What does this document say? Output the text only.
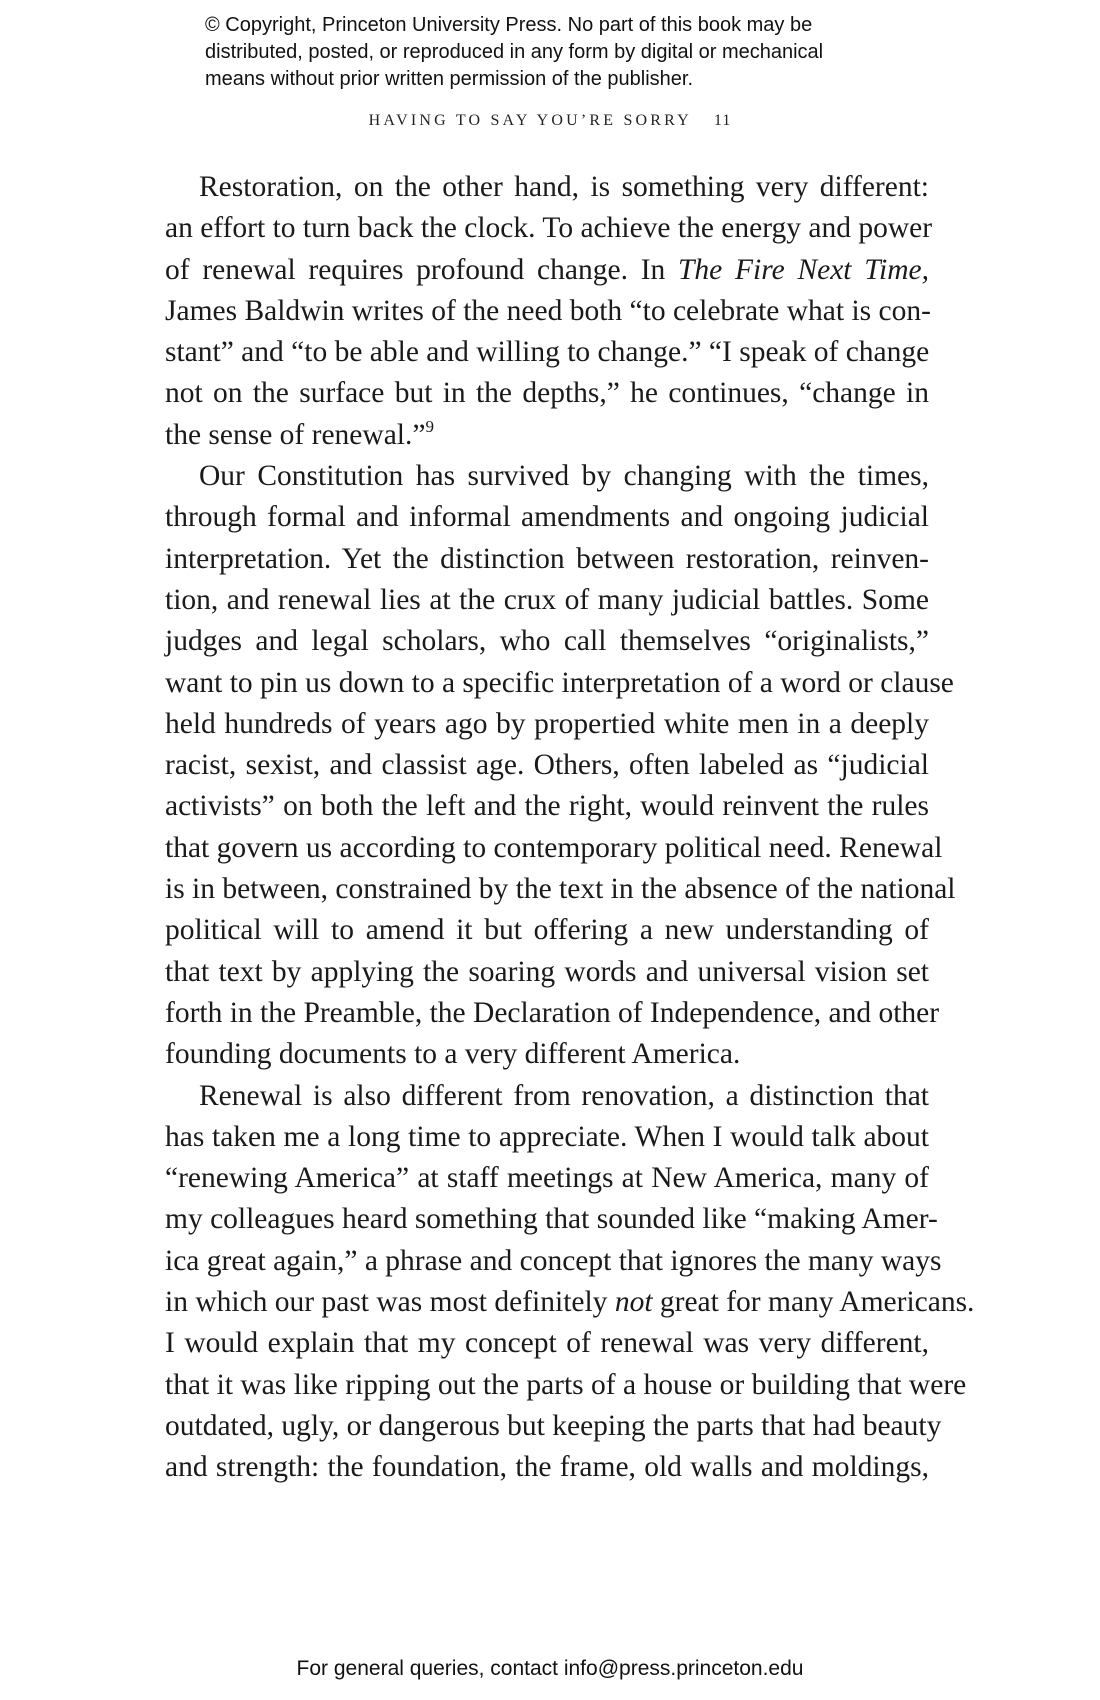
© Copyright, Princeton University Press. No part of this book may be
distributed, posted, or reproduced in any form by digital or mechanical
means without prior written permission of the publisher.
HAVING TO SAY YOU’RE SORRY 11
Restoration, on the other hand, is something very different:
an effort to turn back the clock. To achieve the energy and power
of renewal requires profound change. In The Fire Next Time,
James Baldwin writes of the need both “to celebrate what is con-
stant” and “to be able and willing to change.” “I speak of change
not on the surface but in the depths,” he continues, “change in
the sense of renewal.”$^9$
Our Constitution has survived by changing with the times,
through formal and informal amendments and ongoing judicial
interpretation. Yet the distinction between restoration, reinven-
tion, and renewal lies at the crux of many judicial battles. Some
judges and legal scholars, who call themselves “originalists,”
want to pin us down to a specific interpretation of a word or clause
held hundreds of years ago by propertied white men in a deeply
racist, sexist, and classist age. Others, often labeled as “judicial
activists” on both the left and the right, would reinvent the rules
that govern us according to contemporary political need. Renewal
is in between, constrained by the text in the absence of the national
political will to amend it but offering a new understanding of
that text by applying the soaring words and universal vision set
forth in the Preamble, the Declaration of Independence, and other
founding documents to a very different America.
Renewal is also different from renovation, a distinction that
has taken me a long time to appreciate. When I would talk about
“renewing America” at staff meetings at New America, many of
my colleagues heard something that sounded like “making Amer-
ica great again,” a phrase and concept that ignores the many ways
in which our past was most definitely not great for many Americans.
I would explain that my concept of renewal was very different,
that it was like ripping out the parts of a house or building that were
outdated, ugly, or dangerous but keeping the parts that had beauty
and strength: the foundation, the frame, old walls and moldings,
For general queries, contact info@press.princeton.edu
